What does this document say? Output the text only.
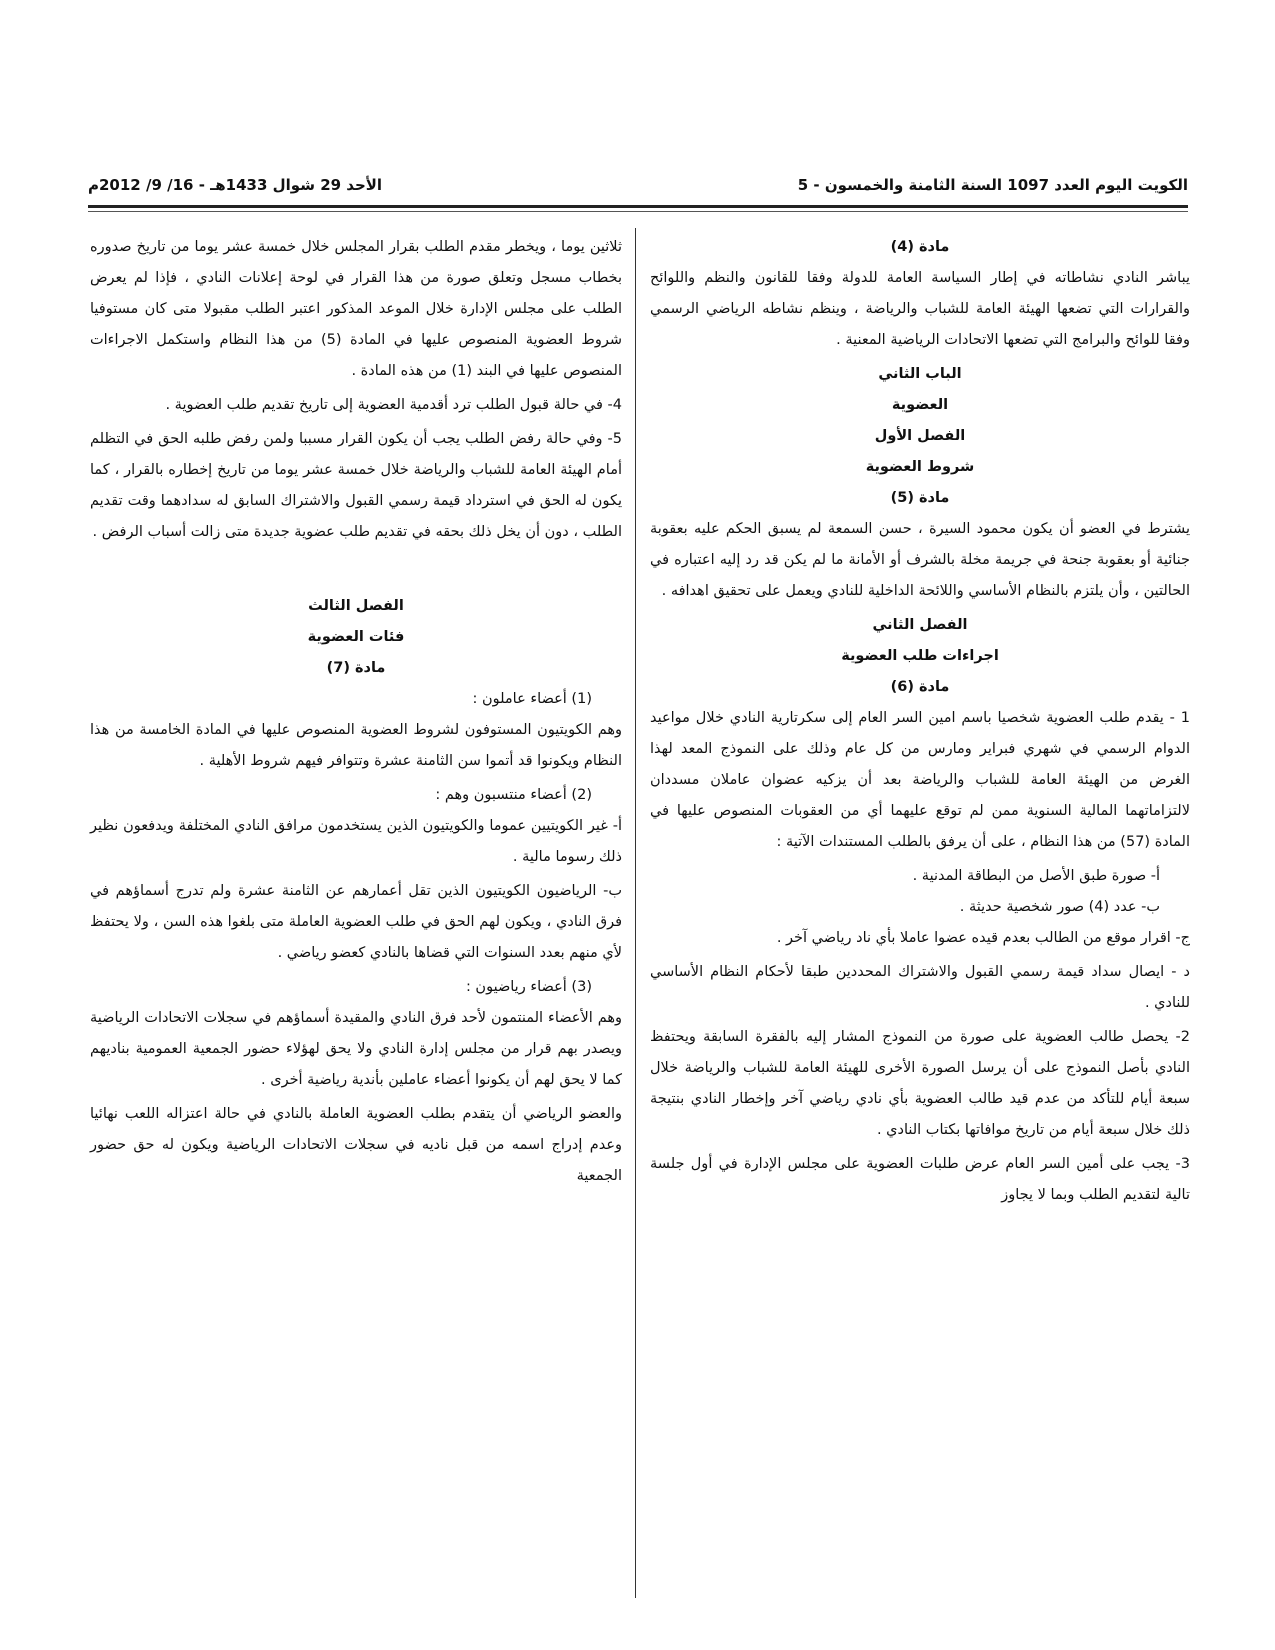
الكويت اليوم العدد 1097 السنة الثامنة والخمسون - 5
الأحد 29 شوال 1433هـ - 16/ 9/ 2012م

مادة (4)

يباشر النادي نشاطاته في إطار السياسة العامة للدولة وفقا للقانون والنظم واللوائح والقرارات التي تضعها الهيئة العامة للشباب والرياضة ، وينظم نشاطه الرياضي الرسمي وفقا للوائح والبرامج التي تضعها الاتحادات الرياضية المعنية .

الباب الثاني

العضوية

الفصل الأول

شروط العضوية

مادة (5)

يشترط في العضو أن يكون محمود السيرة ، حسن السمعة لم يسبق الحكم عليه بعقوبة جنائية أو بعقوبة جنحة في جريمة مخلة بالشرف أو الأمانة ما لم يكن قد رد إليه اعتباره في الحالتين ، وأن يلتزم بالنظام الأساسي واللائحة الداخلية للنادي ويعمل على تحقيق اهدافه .

الفصل الثاني

اجراءات طلب العضوية

مادة (6)

1 - يقدم طلب العضوية شخصيا باسم امين السر العام إلى سكرتارية النادي خلال مواعيد الدوام الرسمي في شهري فبراير ومارس من كل عام وذلك على النموذج المعد لهذا الغرض من الهيئة العامة للشباب والرياضة بعد أن يزكيه عضوان عاملان مسددان لالتزاماتهما المالية السنوية ممن لم توقع عليهما أي من العقوبات المنصوص عليها في المادة (57) من هذا النظام ، على أن يرفق بالطلب المستندات الآتية :

أ- صورة طبق الأصل من البطاقة المدنية .

ب- عدد (4) صور شخصية حديثة .

ج- اقرار موقع من الطالب بعدم قيده عضوا عاملا بأي ناد رياضي آخر .

د - ايصال سداد قيمة رسمي القبول والاشتراك المحددين طبقا لأحكام النظام الأساسي للنادي .

2- يحصل طالب العضوية على صورة من النموذج المشار إليه بالفقرة السابقة ويحتفظ النادي بأصل النموذج على أن يرسل الصورة الأخرى للهيئة العامة للشباب والرياضة خلال سبعة أيام للتأكد من عدم قيد طالب العضوية بأي نادي رياضي آخر وإخطار النادي بنتيجة ذلك خلال سبعة أيام من تاريخ موافاتها بكتاب النادي .

3- يجب على أمين السر العام عرض طلبات العضوية على مجلس الإدارة في أول جلسة تالية لتقديم الطلب وبما لا يجاوز

ثلاثين يوما ، ويخطر مقدم الطلب بقرار المجلس خلال خمسة عشر يوما من تاريخ صدوره بخطاب مسجل وتعلق صورة من هذا القرار في لوحة إعلانات النادي ، فإذا لم يعرض الطلب على مجلس الإدارة خلال الموعد المذكور اعتبر الطلب مقبولا متى كان مستوفيا شروط العضوية المنصوص عليها في المادة (5) من هذا النظام واستكمل الاجراءات المنصوص عليها في البند (1) من هذه المادة .

4- في حالة قبول الطلب ترد أقدمية العضوية إلى تاريخ تقديم طلب العضوية .

5- وفي حالة رفض الطلب يجب أن يكون القرار مسببا ولمن رفض طلبه الحق في التظلم أمام الهيئة العامة للشباب والرياضة خلال خمسة عشر يوما من تاريخ إخطاره بالقرار ، كما يكون له الحق في استرداد قيمة رسمي القبول والاشتراك السابق له سدادهما وقت تقديم الطلب ، دون أن يخل ذلك بحقه في تقديم طلب عضوية جديدة متى زالت أسباب الرفض .

الفصل الثالث

فئات العضوية

مادة (7)

(1) أعضاء عاملون :

وهم الكويتيون المستوفون لشروط العضوية المنصوص عليها في المادة الخامسة من هذا النظام ويكونوا قد أتموا سن الثامنة عشرة وتتوافر فيهم شروط الأهلية .

(2) أعضاء منتسبون وهم :

أ- غير الكويتيين عموما والكويتيون الذين يستخدمون مرافق النادي المختلفة ويدفعون نظير ذلك رسوما مالية .

ب- الرياضيون الكويتيون الذين تقل أعمارهم عن الثامنة عشرة ولم تدرج أسماؤهم في فرق النادي ، ويكون لهم الحق في طلب العضوية العاملة متى بلغوا هذه السن ، ولا يحتفظ لأي منهم بعدد السنوات التي قضاها بالنادي كعضو رياضي .

(3) أعضاء رياضيون :

وهم الأعضاء المنتمون لأحد فرق النادي والمقيدة أسماؤهم في سجلات الاتحادات الرياضية ويصدر بهم قرار من مجلس إدارة النادي ولا يحق لهؤلاء حضور الجمعية العمومية بناديهم كما لا يحق لهم أن يكونوا أعضاء عاملين بأندية رياضية أخرى .

والعضو الرياضي أن يتقدم بطلب العضوية العاملة بالنادي في حالة اعتزاله اللعب نهائيا وعدم إدراج اسمه من قبل ناديه في سجلات الاتحادات الرياضية ويكون له حق حضور الجمعية
